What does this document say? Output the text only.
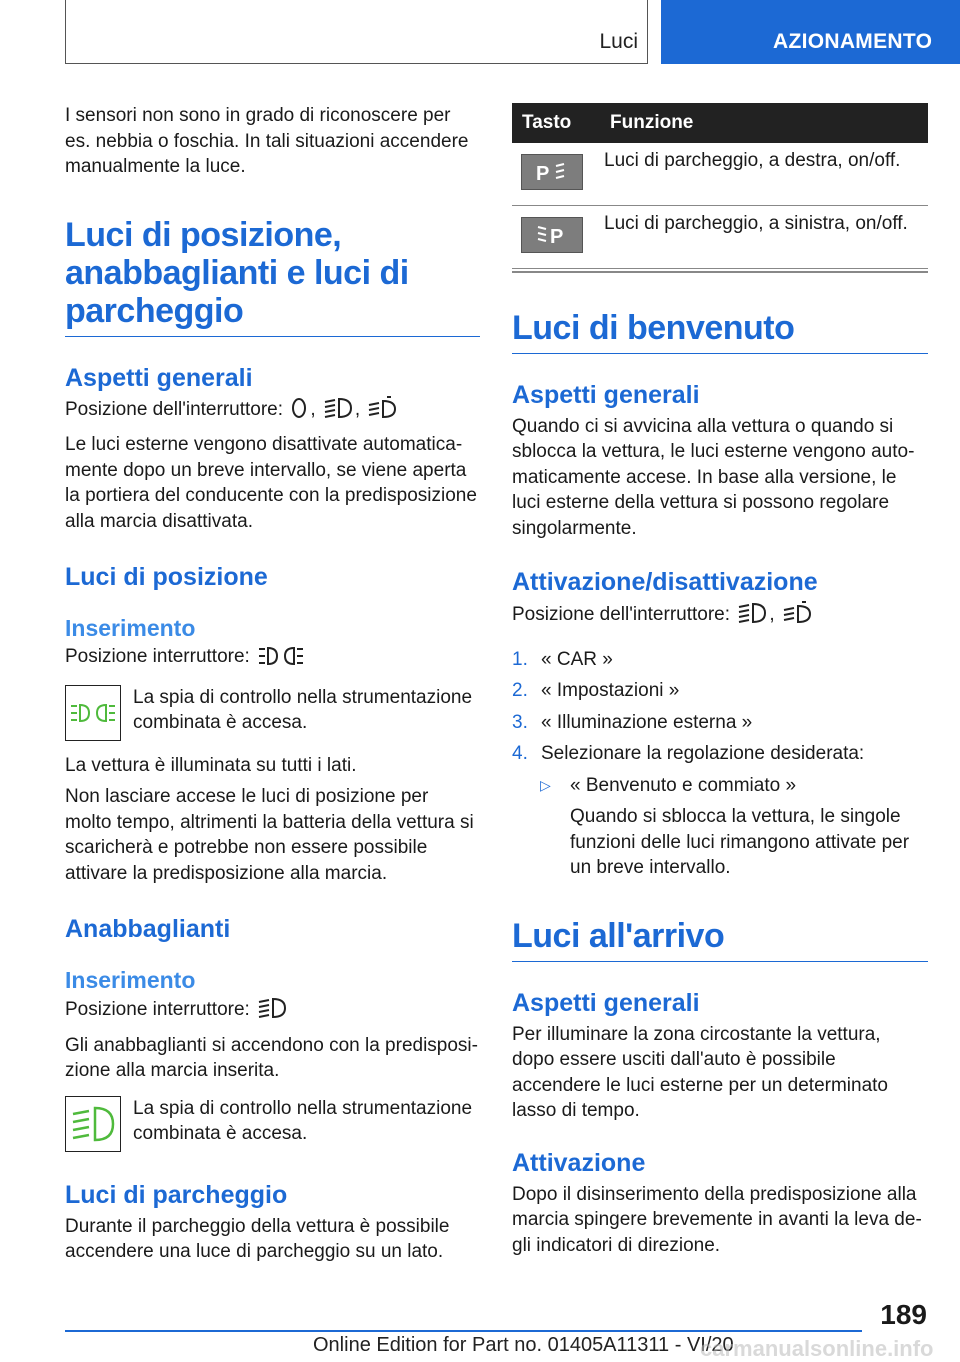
Luci	AZIONAMENTO

I sensori non sono in grado di riconoscere per es. nebbia o foschia. In tali situazioni accendere manualmente la luce.

Luci di posizione, anabbaglianti e luci di parcheggio
Aspetti generali

Posizione dell'interruttore: , ,

Le luci esterne vengono disattivate automaticamente dopo un breve intervallo, se viene aperta la portiera del conducente con la predisposizione alla marcia disattivata.

Luci di posizione
Inserimento

Posizione interruttore:

La spia di controllo nella strumentazione combinata è accesa.

La vettura è illuminata su tutti i lati.

Non lasciare accese le luci di posizione per molto tempo, altrimenti la batteria della vettura si scaricherà e potrebbe non essere possibile attivare la predisposizione alla marcia.

Anabbaglianti
Inserimento

Posizione interruttore:

Gli anabbaglianti si accendono con la predisposizione alla marcia inserita.

La spia di controllo nella strumentazione combinata è accesa.

Luci di parcheggio

Durante il parcheggio della vettura è possibile accendere una luce di parcheggio su un lato.

Tasto	Funzione

P	Luci di parcheggio, a destra, on/off.

P	Luci di parcheggio, a sinistra, on/off.
Luci di benvenuto
Aspetti generali

Quando ci si avvicina alla vettura o quando si sblocca la vettura, le luci esterne vengono automaticamente accese. In base alla versione, le luci esterne della vettura si possono regolare singolarmente.

Attivazione/disattivazione

Posizione dell'interruttore: ,

1. « CAR »
2. « Impostazioni »
3. « Illuminazione esterna »
4. Selezionare la regolazione desiderata:
▷	« Benvenuto e commiato »

Quando si sblocca la vettura, le singole funzioni delle luci rimangono attivate per un breve intervallo.

Luci all'arrivo
Aspetti generali

Per illuminare la zona circostante la vettura, dopo essere usciti dall'auto è possibile accendere le luci esterne per un determinato lasso di tempo.

Attivazione

Dopo il disinserimento della predisposizione alla marcia spingere brevemente in avanti la leva degli indicatori di direzione.

189
Online Edition for Part no. 01405A11311 - VI/20
carmanualsonline.info
